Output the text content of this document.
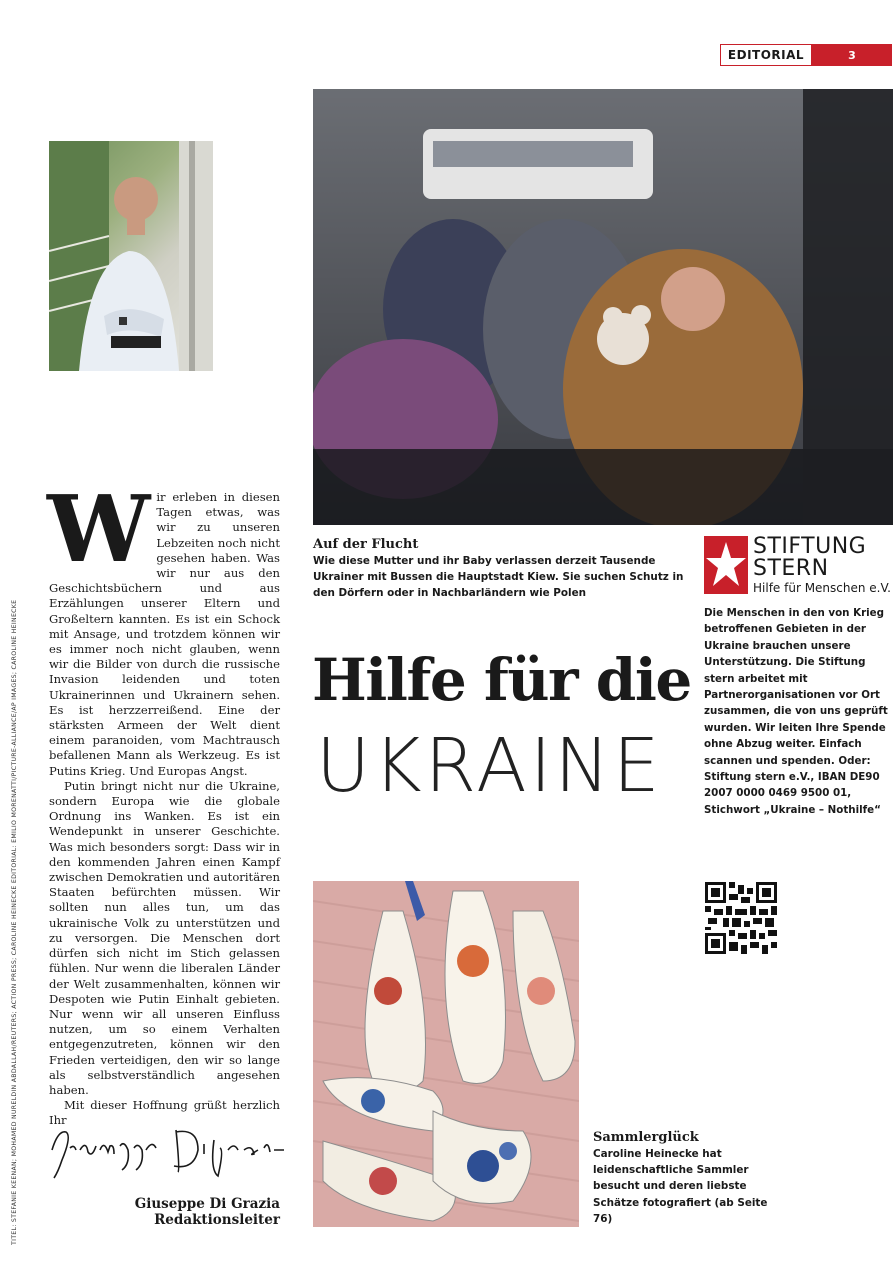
EDITORIAL	3
TITEL: STEFANIE KEENAN; MOHAMED NURELDIN ABDALLAH/REUTERS; ACTION PRESS; CAROLINE HEINECKE EDITORIAL: EMILIO MORENATTI/PICTURE-ALLIANCE/AP IMAGES; CAROLINE HEINECKE
W ir erleben in diesen Tagen etwas, was wir zu unseren Lebzeiten noch nicht gesehen haben. Was wir nur aus den Geschichtsbüchern und aus Erzählungen unserer Eltern und Großeltern kannten. Es ist ein Schock mit Ansage, und trotzdem können wir es immer noch nicht glauben, wenn wir die Bilder von durch die russische Invasion leidenden und toten Ukrainerinnen und Ukrainern sehen. Es ist herzzerreißend. Eine der stärksten Armeen der Welt dient einem paranoiden, vom Machtrausch befallenen Mann als Werkzeug. Es ist Putins Krieg. Und Europas Angst.

Putin bringt nicht nur die Ukraine, sondern Europa wie die globale Ordnung ins Wanken. Es ist ein Wendepunkt in unserer Geschichte. Was mich besonders sorgt: Dass wir in den kommenden Jahren einen Kampf zwischen Demokratien und autoritären Staaten befürchten müssen. Wir sollten nun alles tun, um das ukrainische Volk zu unterstützen und zu versorgen. Die Menschen dort dürfen sich nicht im Stich gelassen fühlen. Nur wenn die liberalen Länder der Welt zusammenhalten, können wir Despoten wie Putin Einhalt gebieten. Nur wenn wir all unseren Einfluss nutzen, um so einem Verhalten entgegenzutreten, können wir den Frieden verteidigen, den wir so lange als selbstverständlich angesehen haben.

Mit dieser Hoffnung grüßt herzlich Ihr

Giuseppe Di Grazia
Redaktionsleiter
Auf der Flucht
Wie diese Mutter und ihr Baby verlassen derzeit Tausende Ukrainer mit Bussen die Hauptstadt Kiew. Sie suchen Schutz in den Dörfern oder in Nachbarländern wie Polen
Hilfe für die
UKRAINE
STIFTUNG
STERN
Hilfe für Menschen e.V.
Die Menschen in den von Krieg betroffenen Gebieten in der Ukraine brauchen unsere Unterstützung. Die Stiftung stern arbeitet mit Partnerorganisationen vor Ort zusammen, die von uns geprüft wurden. Wir leiten Ihre Spende ohne Abzug weiter. Einfach scannen und spenden. Oder: Stiftung stern e.V., IBAN DE90 2007 0000 0469 9500 01, Stichwort „Ukraine – Nothilfe“
Sammlerglück
Caroline Heinecke hat leidenschaftliche Sammler besucht und deren liebste Schätze fotografiert (ab Seite 76)
